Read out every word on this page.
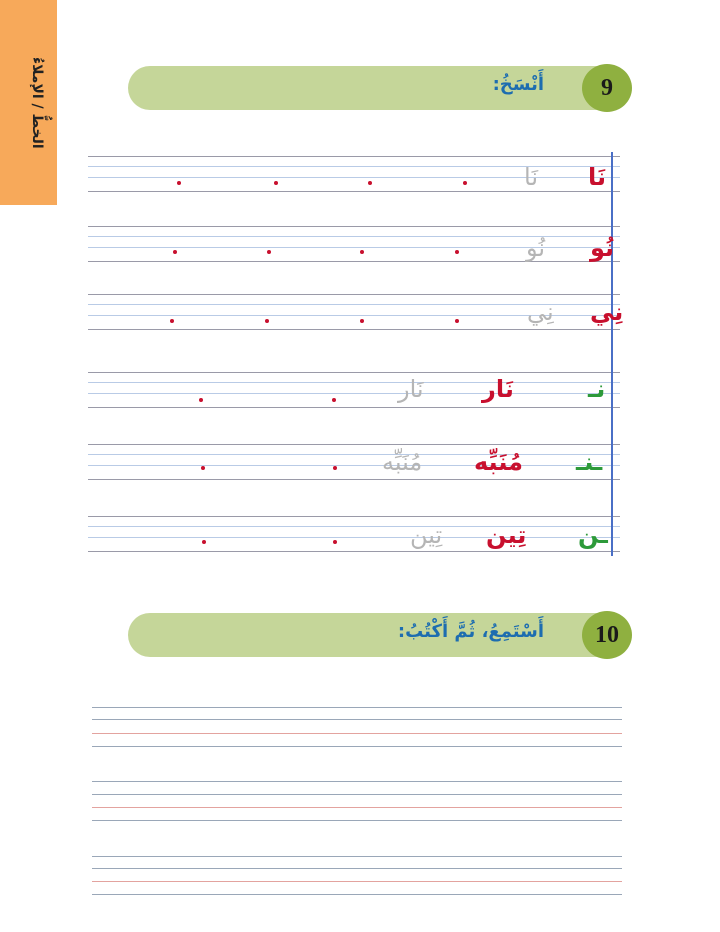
الخطُّ / الإملاءُ	أَنْسَخُ:	9
نَا
نَا
نُو
نُو
نِي
نِي
نـ
نَار
نَار
ـنـ
مُنَبِّه
مُنَبِّه
ـن
تِين
تِين
أَسْتَمِعُ، ثُمَّ أَكْتُبُ:	10
